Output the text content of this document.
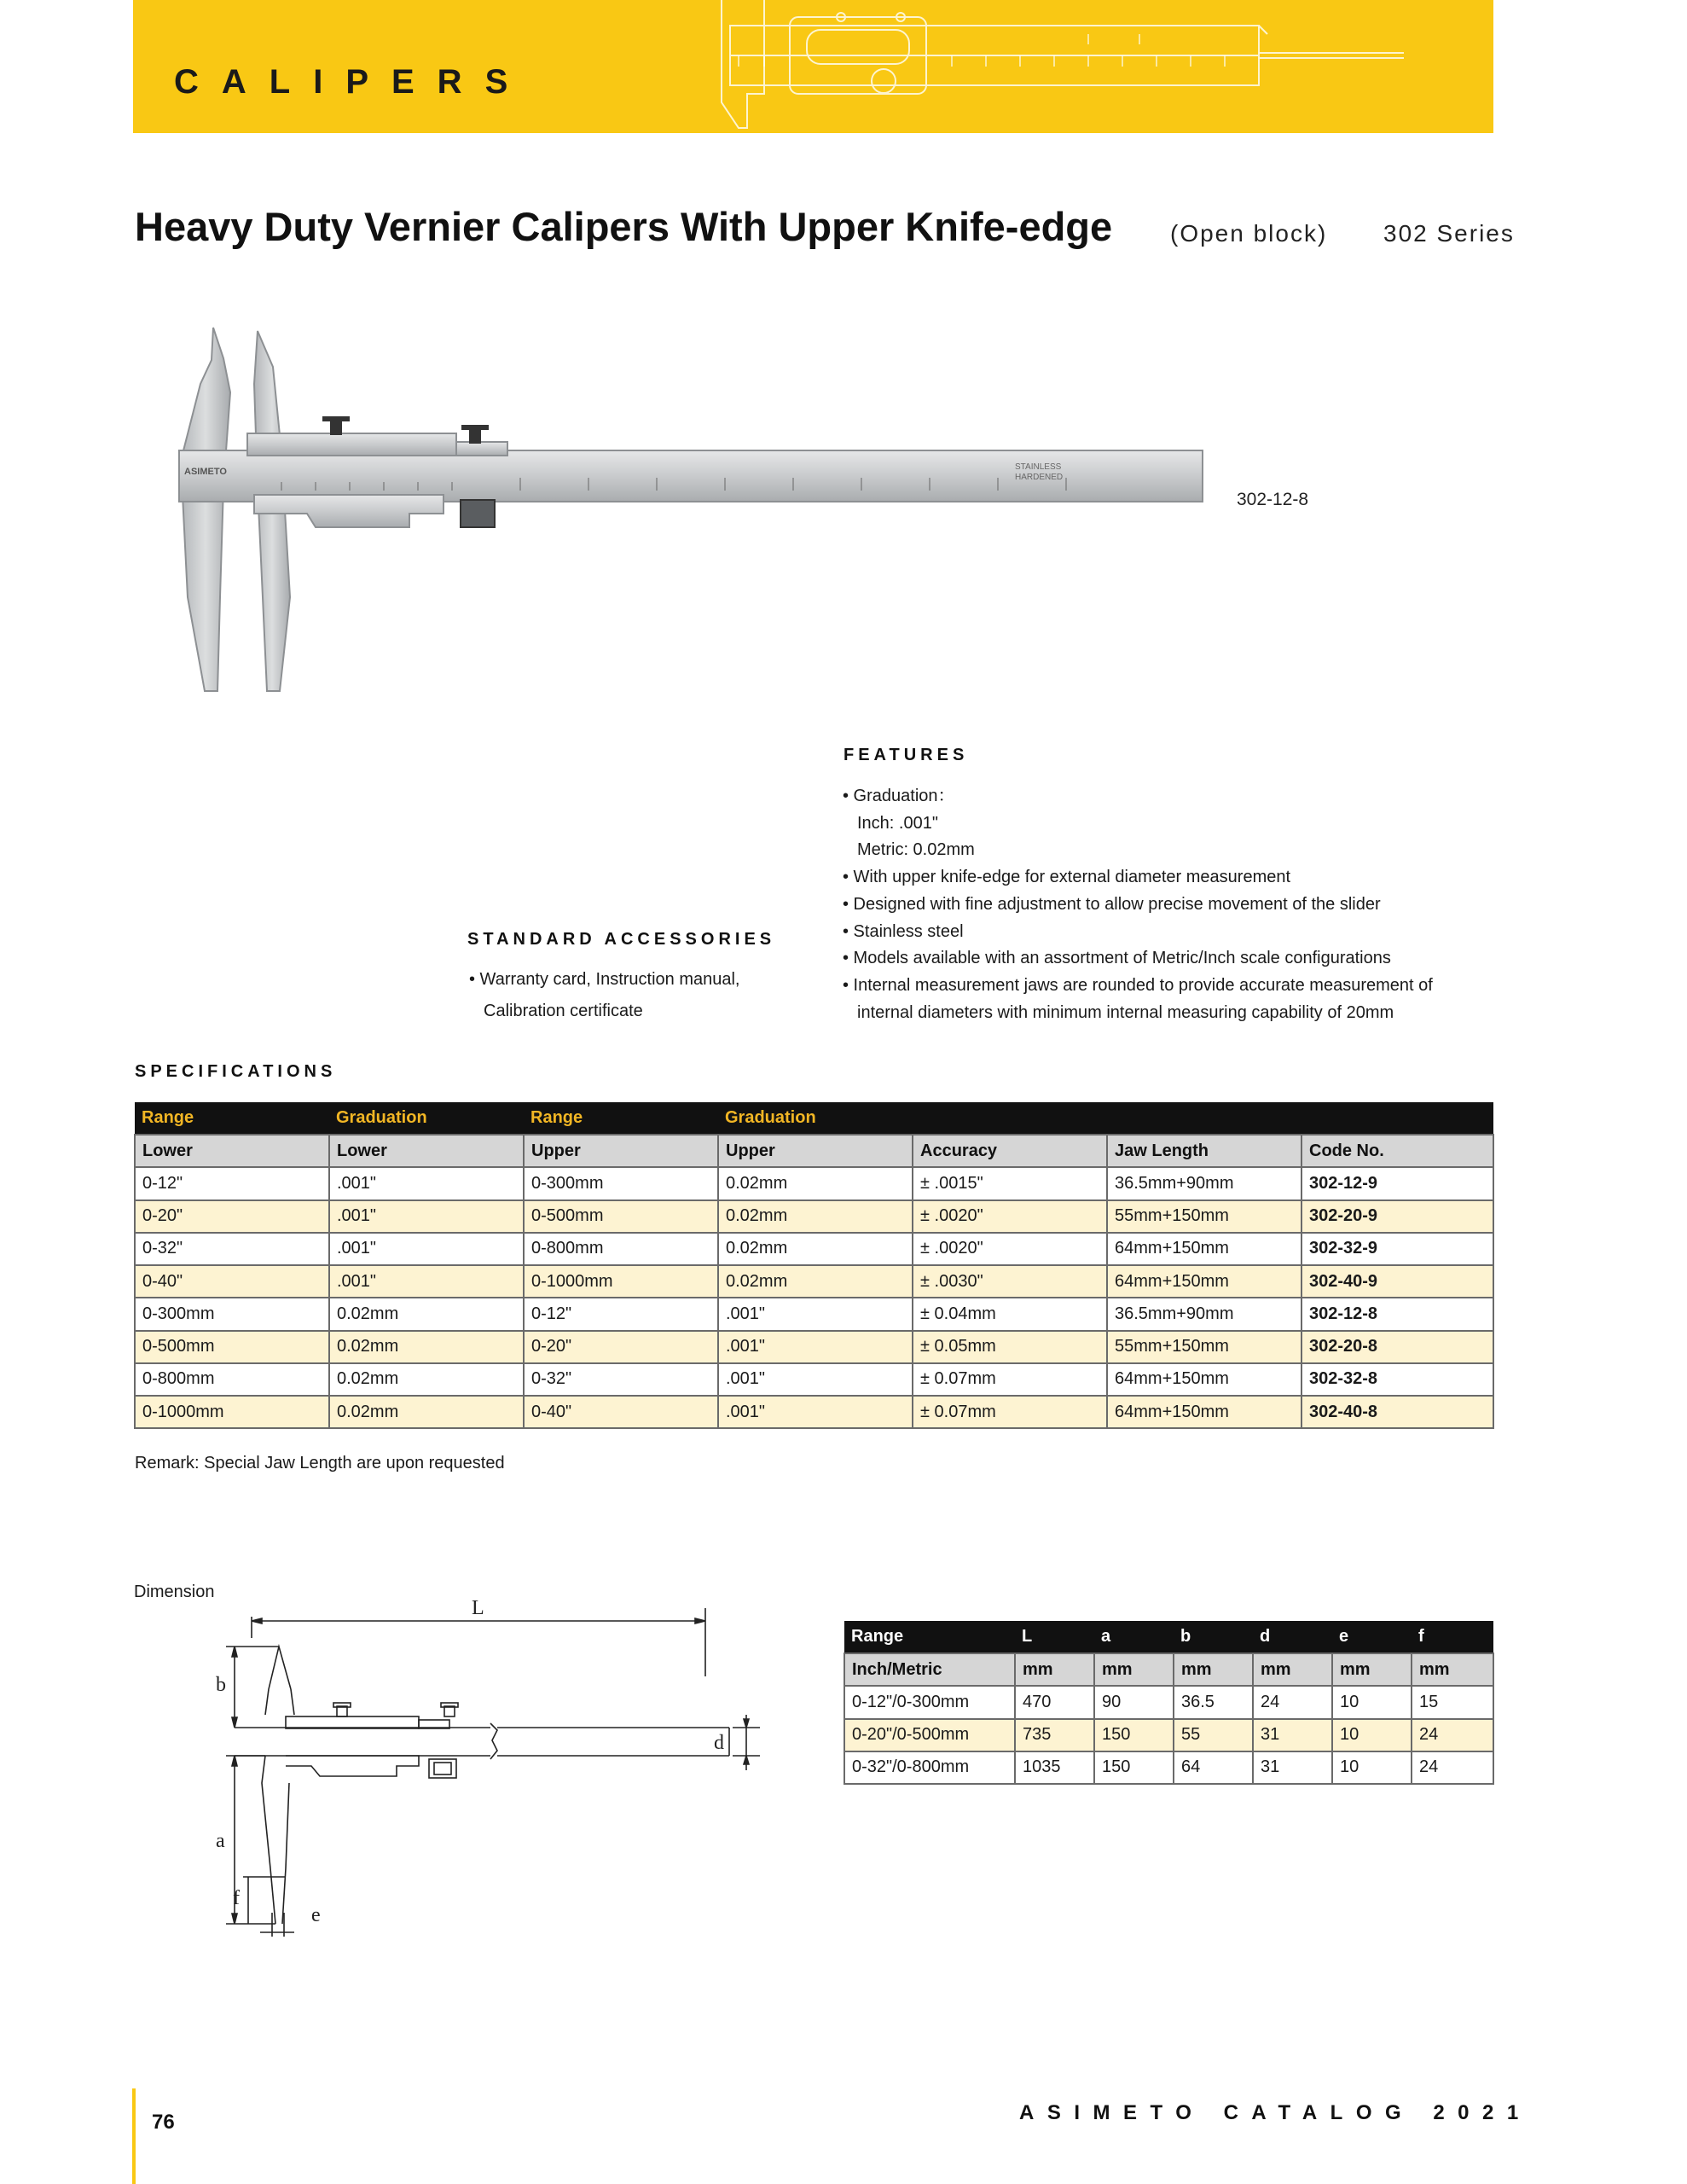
CALIPERS
Heavy Duty Vernier Calipers With Upper Knife-edge (Open block) 302 Series
ASIMETO	STAINLESS
HARDENED
302-12-8
FEATURES
• Graduation：
Inch: .001"
Metric: 0.02mm
• With upper knife-edge for external diameter measurement
• Designed with fine adjustment to allow precise movement of the slider
• Stainless steel
• Models available with an assortment of Metric/Inch scale configurations
• Internal measurement jaws are rounded to provide accurate measurement of
internal diameters with minimum internal measuring capability of 20mm
STANDARD ACCESSORIES
• Warranty card, Instruction manual,
Calibration certificate
SPECIFICATIONS
Range	Graduation	Range	Graduation			
Lower	Lower	Upper	Upper	Accuracy	Jaw Length	Code No.
0-12"	.001"	0-300mm	0.02mm	± .0015"	36.5mm+90mm	302-12-9
0-20"	.001"	0-500mm	0.02mm	± .0020"	55mm+150mm	302-20-9
0-32"	.001"	0-800mm	0.02mm	± .0020"	64mm+150mm	302-32-9
0-40"	.001"	0-1000mm	0.02mm	± .0030"	64mm+150mm	302-40-9
0-300mm	0.02mm	0-12"	.001"	± 0.04mm	36.5mm+90mm	302-12-8
0-500mm	0.02mm	0-20"	.001"	± 0.05mm	55mm+150mm	302-20-8
0-800mm	0.02mm	0-32"	.001"	± 0.07mm	64mm+150mm	302-32-8
0-1000mm	0.02mm	0-40"	.001"	± 0.07mm	64mm+150mm	302-40-8
Remark: Special Jaw Length are upon requested
Dimension
L
b
a
f
e
d
Range	L	a	b	d	e	f
Inch/Metric	mm	mm	mm	mm	mm	mm
0-12"/0-300mm	470	90	36.5	24	10	15
0-20"/0-500mm	735	150	55	31	10	24
0-32"/0-800mm	1035	150	64	31	10	24
76	ASIMETO CATALOG 2021
